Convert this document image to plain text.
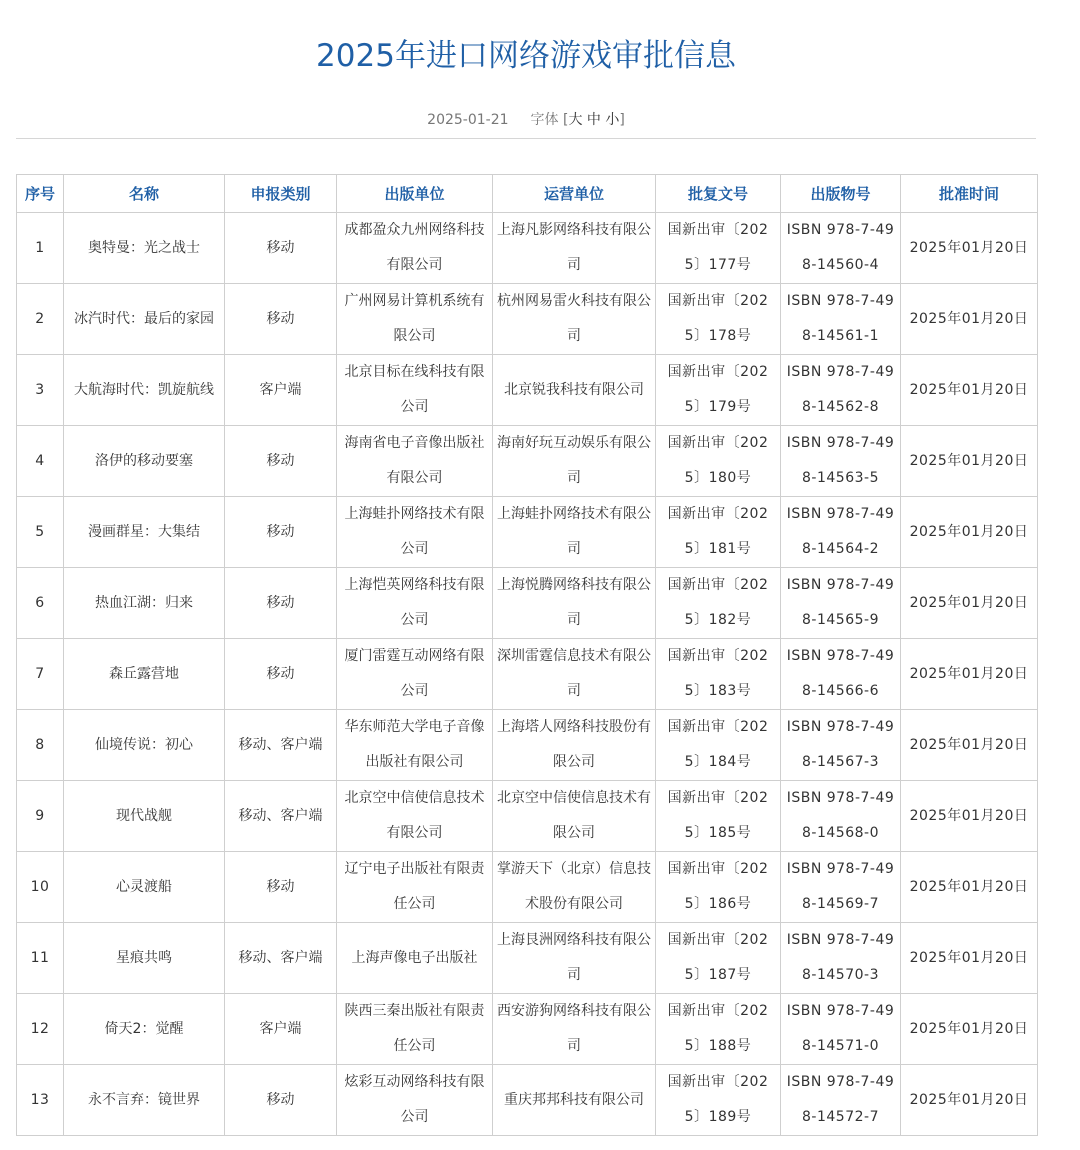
2025年进口网络游戏审批信息
2025-01-21 字体 [大 中 小]
序号	名称	申报类别	出版单位	运营单位	批复文号	出版物号	批准时间
1	奥特曼：光之战士	移动	成都盈众九州网络科技有限公司	上海凡影网络科技有限公司	国新出审〔2025〕177号	ISBN 978-7-498-14560-4	2025年01月20日
2	冰汽时代：最后的家园	移动	广州网易计算机系统有限公司	杭州网易雷火科技有限公司	国新出审〔2025〕178号	ISBN 978-7-498-14561-1	2025年01月20日
3	大航海时代：凯旋航线	客户端	北京目标在线科技有限公司	北京锐我科技有限公司	国新出审〔2025〕179号	ISBN 978-7-498-14562-8	2025年01月20日
4	洛伊的移动要塞	移动	海南省电子音像出版社有限公司	海南好玩互动娱乐有限公司	国新出审〔2025〕180号	ISBN 978-7-498-14563-5	2025年01月20日
5	漫画群星：大集结	移动	上海蛙扑网络技术有限公司	上海蛙扑网络技术有限公司	国新出审〔2025〕181号	ISBN 978-7-498-14564-2	2025年01月20日
6	热血江湖：归来	移动	上海恺英网络科技有限公司	上海悦腾网络科技有限公司	国新出审〔2025〕182号	ISBN 978-7-498-14565-9	2025年01月20日
7	森丘露营地	移动	厦门雷霆互动网络有限公司	深圳雷霆信息技术有限公司	国新出审〔2025〕183号	ISBN 978-7-498-14566-6	2025年01月20日
8	仙境传说：初心	移动、客户端	华东师范大学电子音像出版社有限公司	上海塔人网络科技股份有限公司	国新出审〔2025〕184号	ISBN 978-7-498-14567-3	2025年01月20日
9	现代战舰	移动、客户端	北京空中信使信息技术有限公司	北京空中信使信息技术有限公司	国新出审〔2025〕185号	ISBN 978-7-498-14568-0	2025年01月20日
10	心灵渡船	移动	辽宁电子出版社有限责任公司	掌游天下（北京）信息技术股份有限公司	国新出审〔2025〕186号	ISBN 978-7-498-14569-7	2025年01月20日
11	星痕共鸣	移动、客户端	上海声像电子出版社	上海艮洲网络科技有限公司	国新出审〔2025〕187号	ISBN 978-7-498-14570-3	2025年01月20日
12	倚天2：觉醒	客户端	陕西三秦出版社有限责任公司	西安游狗网络科技有限公司	国新出审〔2025〕188号	ISBN 978-7-498-14571-0	2025年01月20日
13	永不言弃：镜世界	移动	炫彩互动网络科技有限公司	重庆邦邦科技有限公司	国新出审〔2025〕189号	ISBN 978-7-498-14572-7	2025年01月20日
